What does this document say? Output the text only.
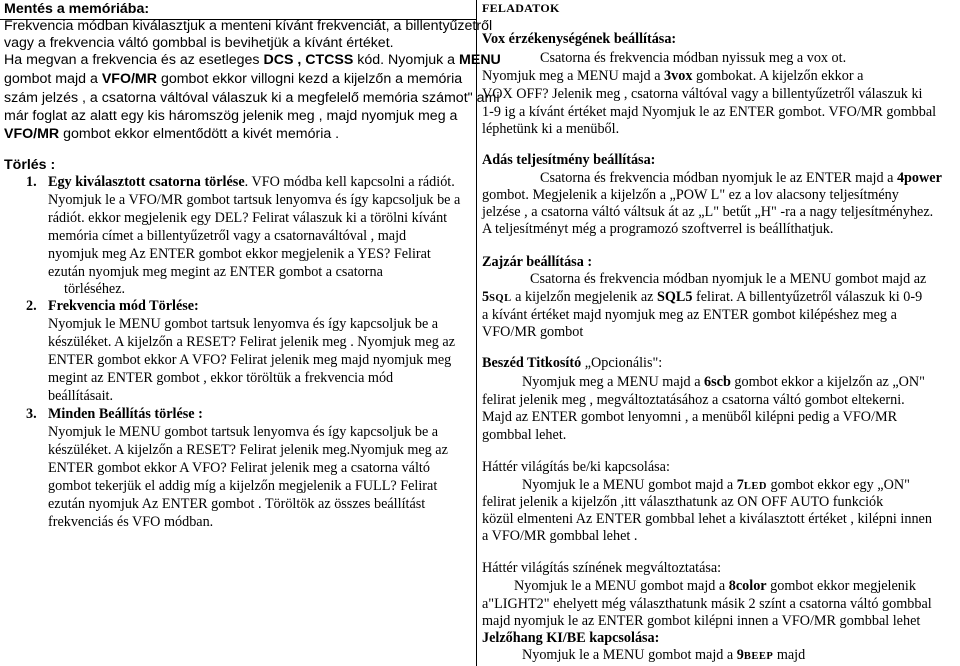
Mentés a memóriába:
Frekvencia módban kiválasztjuk a menteni kívánt frekvenciát, a billentyűzetről
vagy a frekvencia váltó gombbal is bevihetjük a kívánt értéket.
Ha megvan a frekvencia és az esetleges DCS , CTCSS kód. Nyomjuk a MENU
gombot majd a VFO/MR gombot ekkor villogni kezd a kijelzőn a memória
szám jelzés , a csatorna váltóval válaszuk ki a megfelelő memória számot" ami
már foglat az alatt egy kis háromszög jelenik meg , majd nyomjuk meg a
VFO/MR gombot ekkor elmentődött a kivét memória .
Törlés :
1. Egy kiválasztott csatorna törlése. VFO módba kell kapcsolni a rádiót.
Nyomjuk le a VFO/MR gombot tartsuk lenyomva és így kapcsoljuk be a
rádiót. ekkor megjelenik egy DEL? Felirat válaszuk ki a törölni kívánt
memória címet a billentyűzetről vagy a csatornaváltóval , majd
nyomjuk meg Az ENTER gombot ekkor megjelenik a YES? Felirat
ezután nyomjuk meg megint az ENTER gombot a csatorna
törléséhez.
2. Frekvencia mód Törlése:
Nyomjuk le MENU gombot tartsuk lenyomva és így kapcsoljuk be a
készüléket. A kijelzőn a RESET? Felirat jelenik meg . Nyomjuk meg az
ENTER gombot ekkor A VFO? Felirat jelenik meg majd nyomjuk meg
megint az ENTER gombot , ekkor töröltük a frekvencia mód
beállításait.
3. Minden Beállítás törlése :
Nyomjuk le MENU gombot tartsuk lenyomva és így kapcsoljuk be a
készüléket. A kijelzőn a RESET? Felirat jelenik meg.Nyomjuk meg az
ENTER gombot ekkor A VFO? Felirat jelenik meg a csatorna váltó
gombot tekerjük el addig míg a kijelzőn megjelenik a FULL? Felirat
ezután nyomjuk Az ENTER gombot . Töröltök az összes beállítást
frekvenciás és VFO módban.
FELADATOK
Vox érzékenységének beállítása:
Csatorna és frekvencia módban nyissuk meg a vox ot.
Nyomjuk meg a MENU majd a 3vox gombokat. A kijelzőn ekkor a
VOX OFF? Jelenik meg , csatorna váltóval vagy a billentyűzetről válaszuk ki
1-9 ig a kívánt értéket majd Nyomjuk le az ENTER gombot. VFO/MR gombbal
léphetünk ki a menüből.
Adás teljesítmény beállítása:
Csatorna és frekvencia módban nyomjuk le az ENTER majd a 4power
gombot. Megjelenik a kijelzőn a „POW L" ez a lov alacsony teljesítmény
jelzése , a csatorna váltó váltsuk át az „L" betűt „H" -ra a nagy teljesítményhez.
A teljesítményt még a programozó szoftverrel is beállíthatjuk.
Zajzár beállítása :
Csatorna és frekvencia módban nyomjuk le a MENU gombot majd az
5SQL a kijelzőn megjelenik az SQL5 felirat. A billentyűzetről válaszuk ki 0-9
a kívánt értéket majd nyomjuk meg az ENTER gombot kilépéshez meg a
VFO/MR gombot
Beszéd Titkosító „Opcionális":
Nyomjuk meg a MENU majd a 6scb gombot ekkor a kijelzőn az „ON"
felirat jelenik meg , megváltoztatásához a csatorna váltó gombot eltekerni.
Majd az ENTER gombot lenyomni , a menüből kilépni pedig a VFO/MR
gombbal lehet.
Háttér világítás be/ki kapcsolása:
Nyomjuk le a MENU gombot majd a 7LED gombot ekkor egy „ON"
felirat jelenik a kijelzőn ,itt választhatunk az ON OFF AUTO funkciók
közül elmenteni Az ENTER gombbal lehet a kiválasztott értéket , kilépni innen
a VFO/MR gombbal lehet .
Háttér világítás színének megváltoztatása:
Nyomjuk le a MENU gombot majd a 8color gombot ekkor megjelenik
a"LIGHT2" ehelyett még választhatunk másik 2 színt a csatorna váltó gombbal
majd nyomjuk le az ENTER gombot kilépni innen a VFO/MR gombbal lehet
Jelzőhang KI/BE kapcsolása:
Nyomjuk le a MENU gombot majd a 9BEEP majd
